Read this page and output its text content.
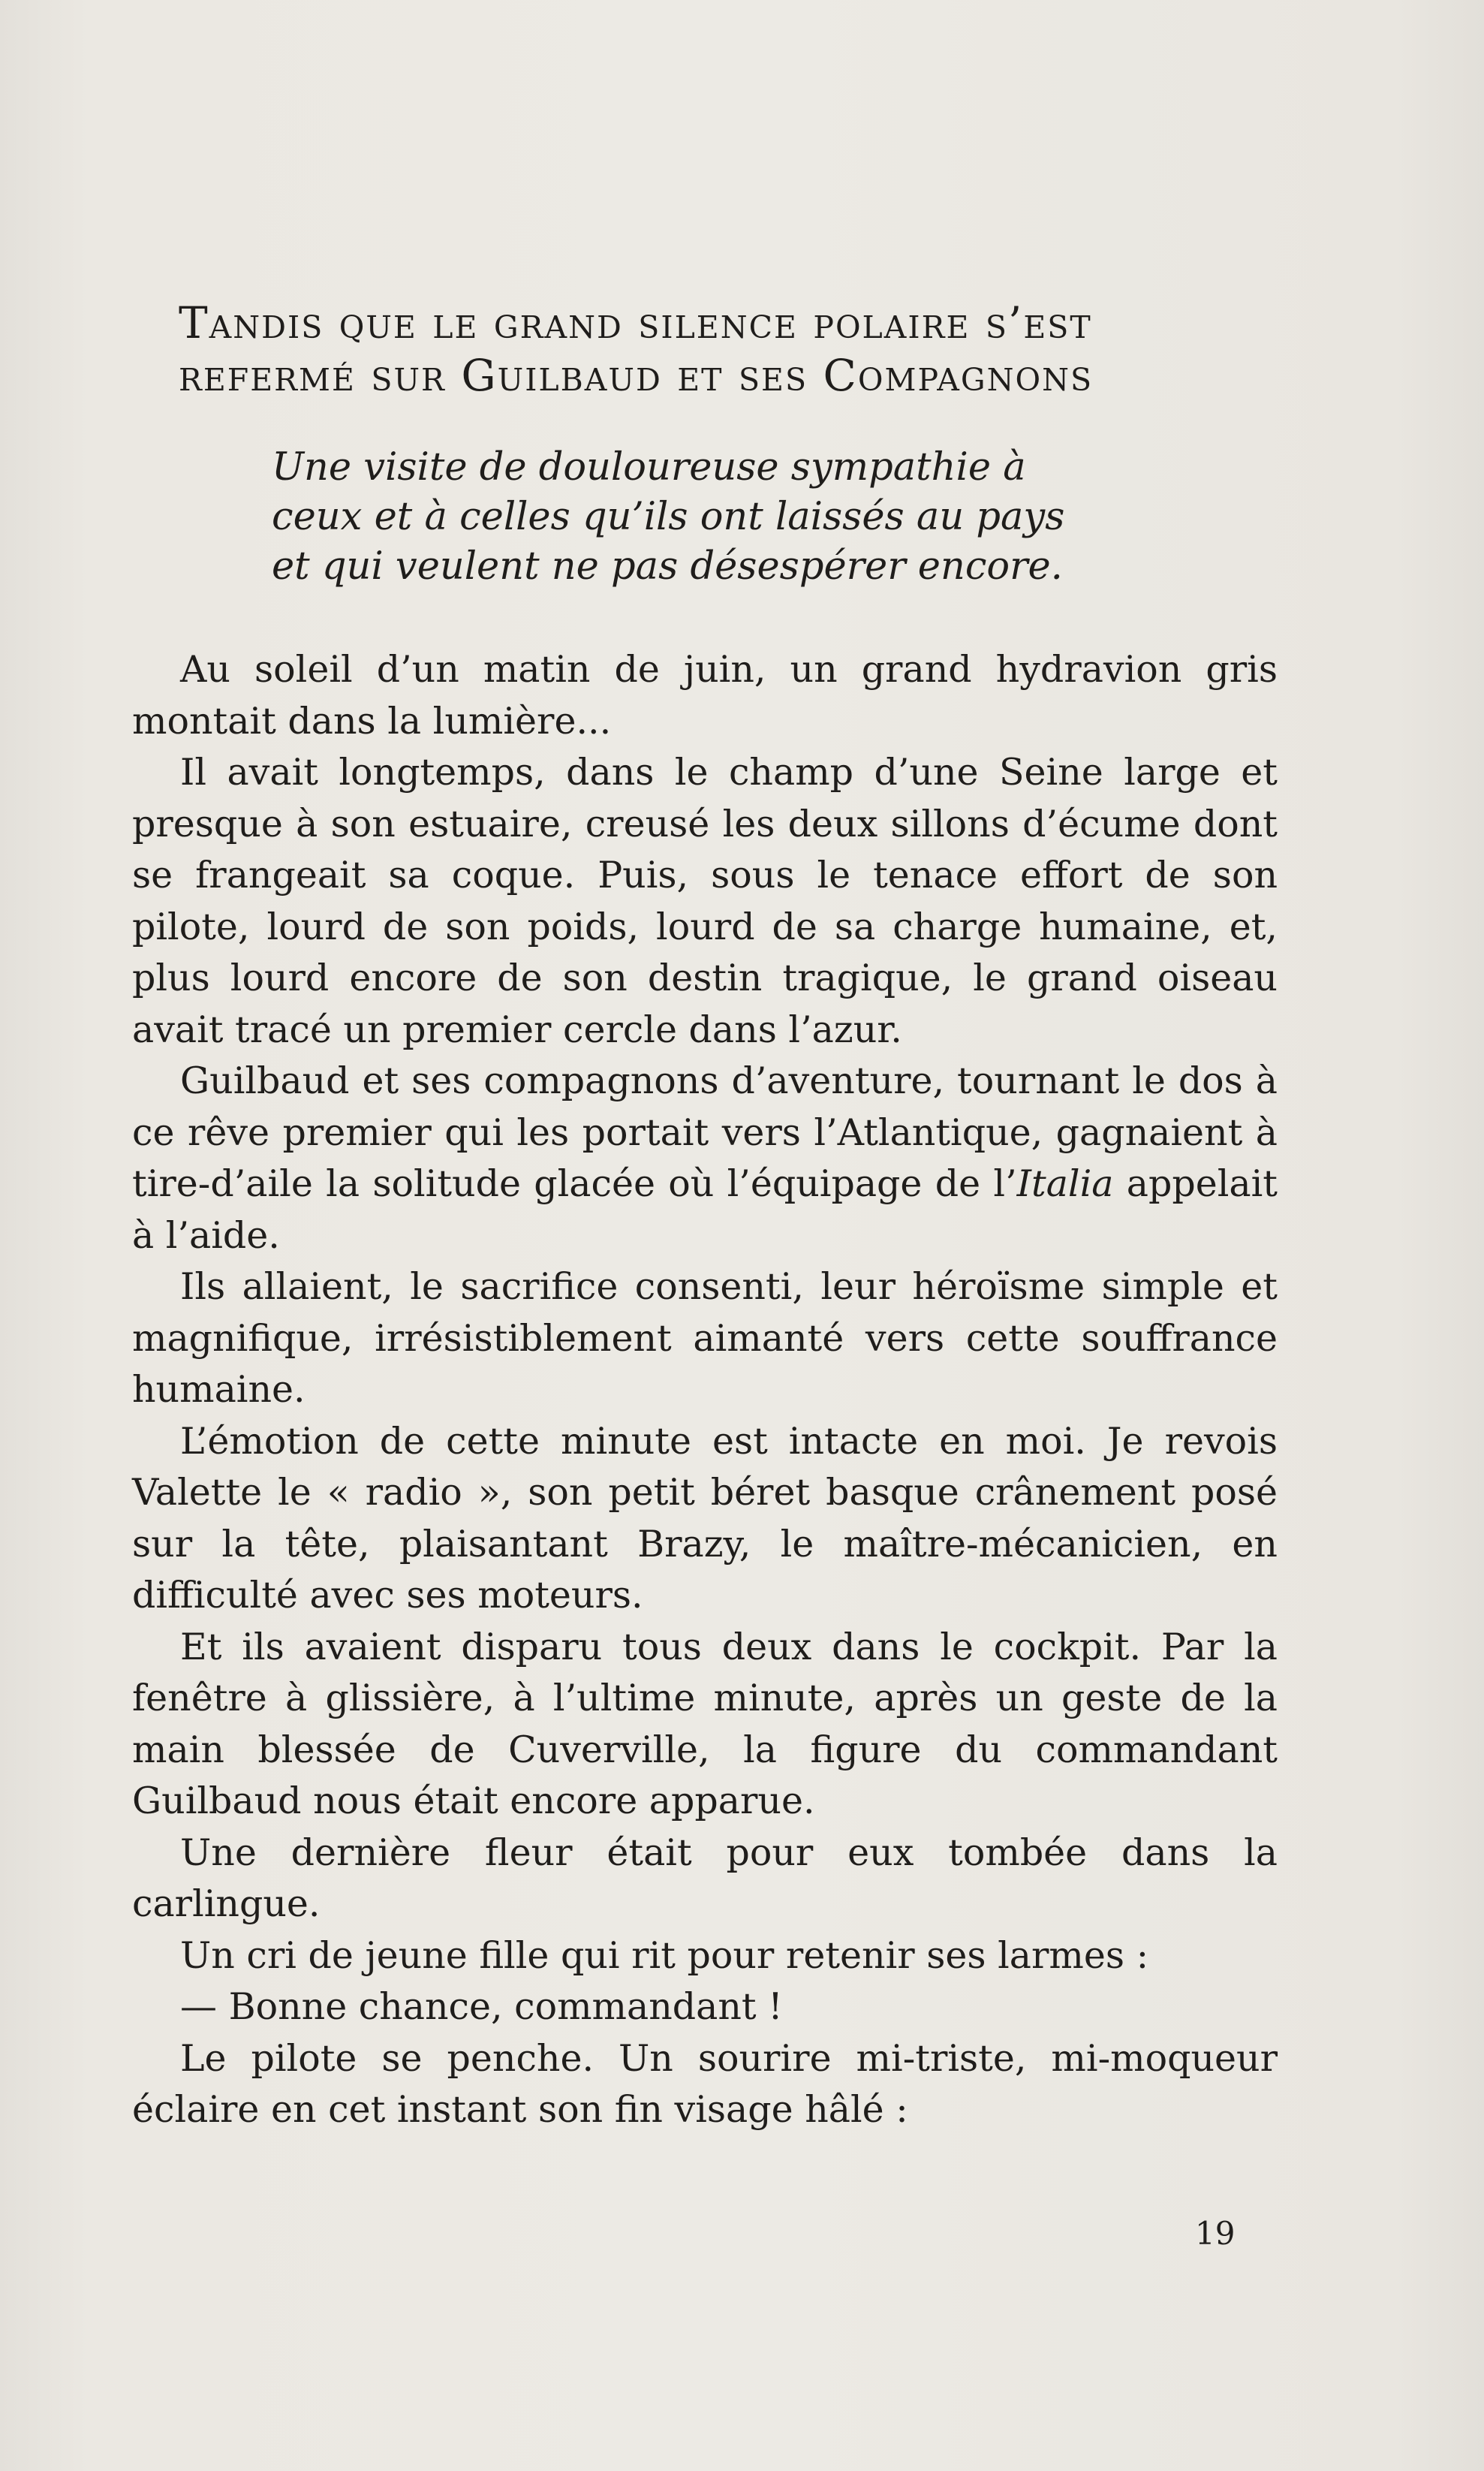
Tandis que le grand silence polaire s’est
refermé sur Guilbaud et ses Compagnons
Une visite de douloureuse sympathie à
ceux et à celles qu’ils ont laissés au pays
et qui veulent ne pas désespérer encore.

Au soleil d’un matin de juin, un grand hydravion gris montait dans la lumière...

Il avait longtemps, dans le champ d’une Seine large et presque à son estuaire, creusé les deux sillons d’écume dont se frangeait sa coque. Puis, sous le tenace effort de son pilote, lourd de son poids, lourd de sa charge humaine, et, plus lourd encore de son destin tragique, le grand oiseau avait tracé un premier cercle dans l’azur.

Guilbaud et ses compagnons d’aventure, tournant le dos à ce rêve premier qui les portait vers l’Atlantique, gagnaient à tire-d’aile la solitude glacée où l’équipage de l’Italia appelait à l’aide.

Ils allaient, le sacrifice consenti, leur héroïsme simple et magnifique, irrésistiblement aimanté vers cette souffrance humaine.

L’émotion de cette minute est intacte en moi. Je revois Valette le « radio », son petit béret basque crânement posé sur la tête, plaisantant Brazy, le maître-mécanicien, en difficulté avec ses moteurs.

Et ils avaient disparu tous deux dans le cockpit. Par la fenêtre à glissière, à l’ultime minute, après un geste de la main blessée de Cuverville, la figure du commandant Guilbaud nous était encore apparue.

Une dernière fleur était pour eux tombée dans la carlingue.

Un cri de jeune fille qui rit pour retenir ses larmes :

— Bonne chance, commandant !

Le pilote se penche. Un sourire mi-triste, mi-moqueur éclaire en cet instant son fin visage hâlé :

19
